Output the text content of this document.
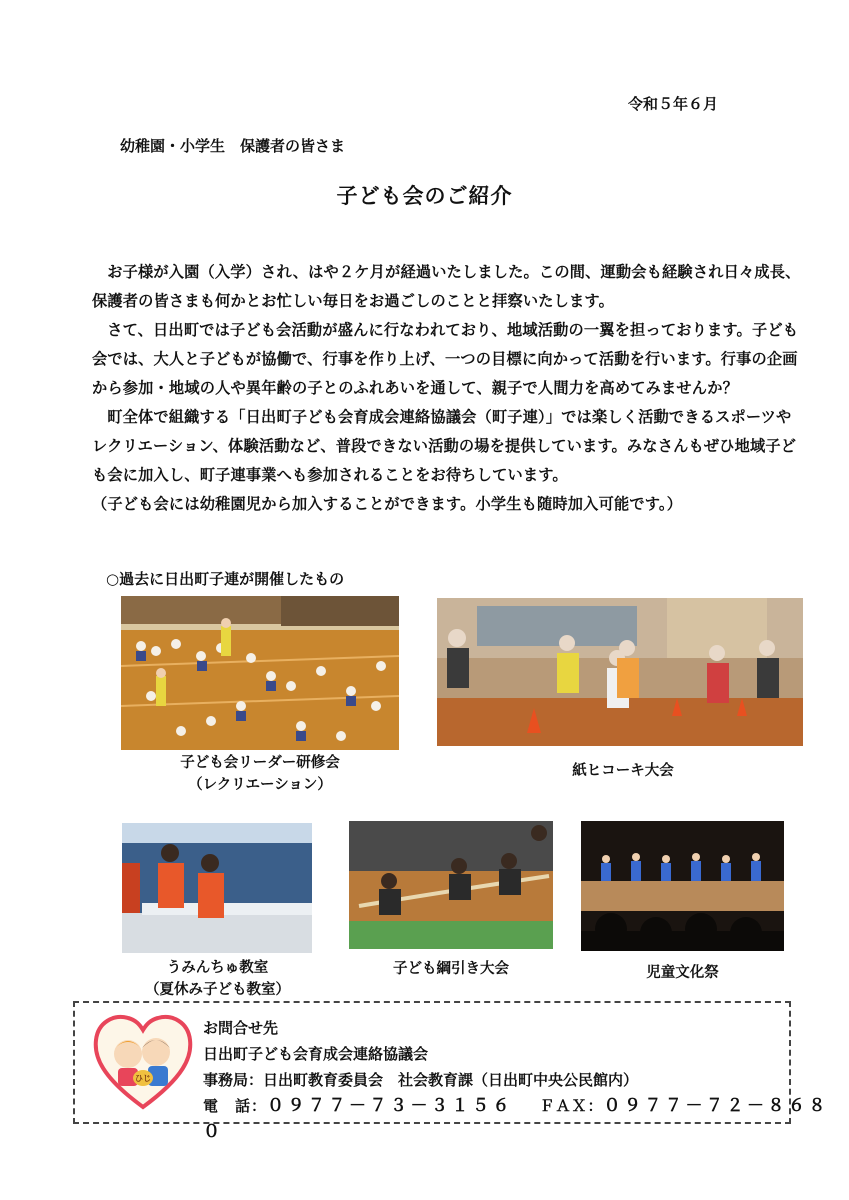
令和５年６月
幼稚園・小学生　保護者の皆さま
子ども会のご紹介

お子様が入園（入学）され、はや２ケ月が経過いたしました。この間、運動会も経験され日々成長、保護者の皆さまも何かとお忙しい毎日をお過ごしのことと拝察いたします。

さて、日出町では子ども会活動が盛んに行なわれており、地域活動の一翼を担っております。子ども会では、大人と子どもが協働で、行事を作り上げ、一つの目標に向かって活動を行います。行事の企画から参加・地域の人や異年齢の子とのふれあいを通して、親子で人間力を高めてみませんか？

町全体で組織する「日出町子ども会育成会連絡協議会（町子連）」では楽しく活動できるスポーツやレクリエーション、体験活動など、普段できない活動の場を提供しています。みなさんもぜひ地域子ども会に加入し、町子連事業へも参加されることをお待ちしています。

（子ども会には幼稚園児から加入することができます。小学生も随時加入可能です。）

○過去に日出町子連が開催したもの
子ども会リーダー研修会
（レクリエーション）
紙ヒコーキ大会
うみんちゅ教室
（夏休み子ども教室）
子ども綱引き大会	児童文化祭
ひじ
お問合せ先
日出町子ども会育成会連絡協議会
事務局：日出町教育委員会　社会教育課（日出町中央公民館内）
電　話：０９７７－７３－３１５６ ＦＡＸ：０９７７－７２－８６８０
